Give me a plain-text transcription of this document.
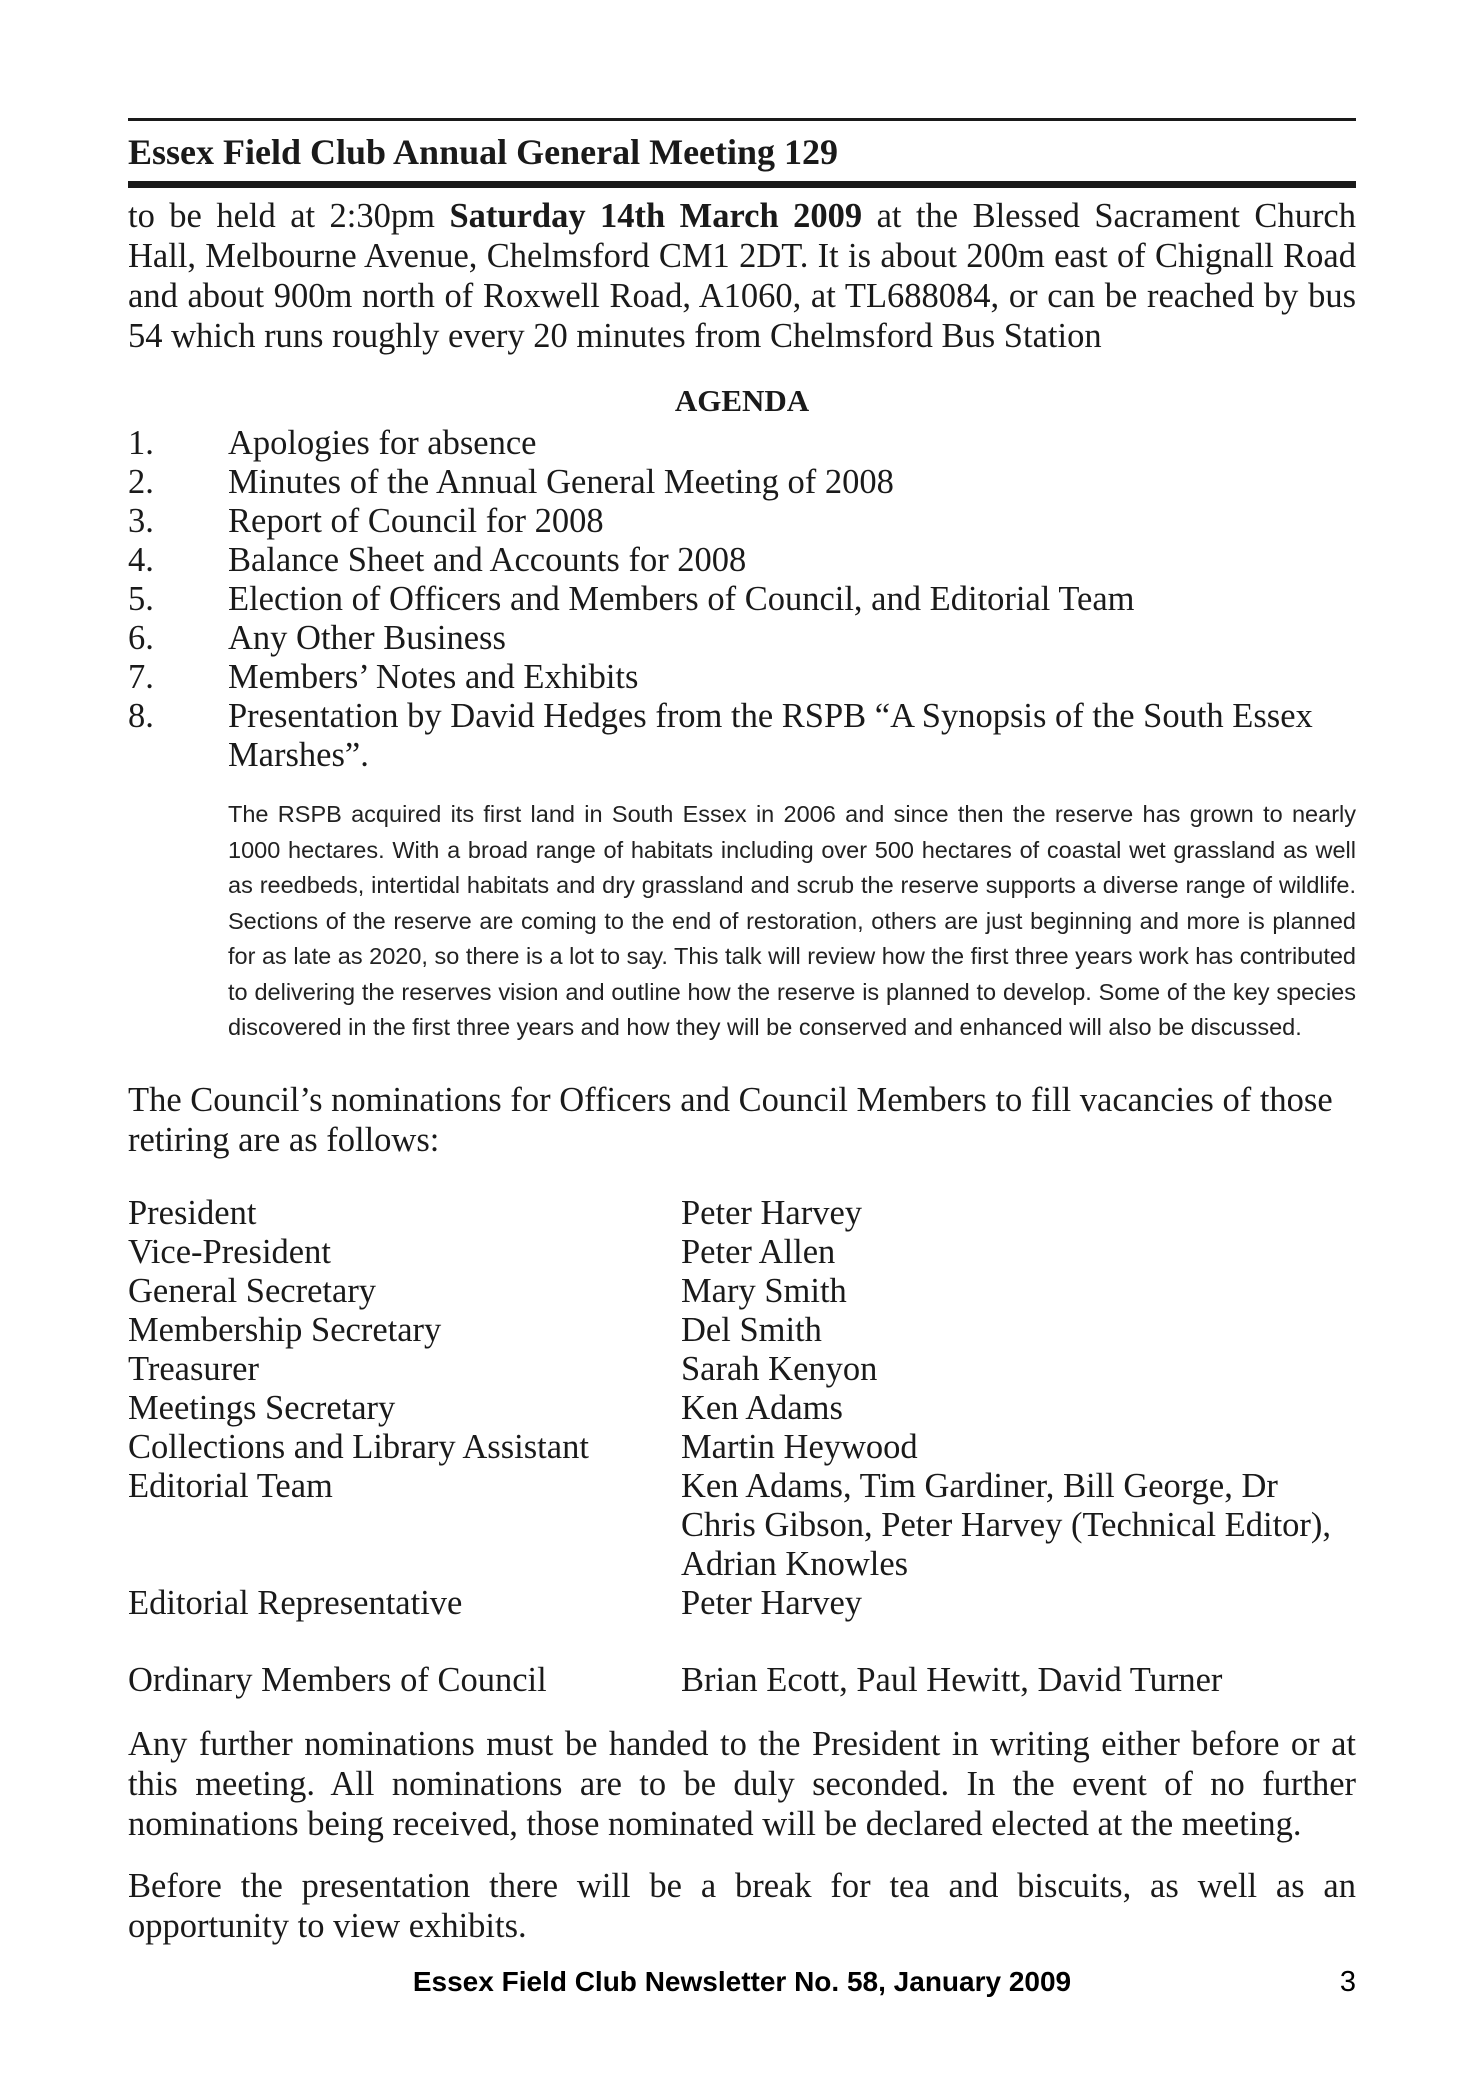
Essex Field Club Annual General Meeting 129

to be held at 2:30pm Saturday 14th March 2009 at the Blessed Sacrament Church Hall, Melbourne Avenue, Chelmsford CM1 2DT. It is about 200m east of Chignall Road and about 900m north of Roxwell Road, A1060, at TL688084, or can be reached by bus 54 which runs roughly every 20 minutes from Chelmsford Bus Station

AGENDA
1.	Apologies for absence
2.	Minutes of the Annual General Meeting of 2008
3.	Report of Council for 2008
4.	Balance Sheet and Accounts for 2008
5.	Election of Officers and Members of Council, and Editorial Team
6.	Any Other Business
7.	Members’ Notes and Exhibits
8.	Presentation by David Hedges from the RSPB “A Synopsis of the South Essex Marshes”.

The RSPB acquired its first land in South Essex in 2006 and since then the reserve has grown to nearly 1000 hectares. With a broad range of habitats including over 500 hectares of coastal wet grassland as well as reedbeds, intertidal habitats and dry grassland and scrub the reserve supports a diverse range of wildlife. Sections of the reserve are coming to the end of restoration, others are just beginning and more is planned for as late as 2020, so there is a lot to say. This talk will review how the first three years work has contributed to delivering the reserves vision and outline how the reserve is planned to develop. Some of the key species discovered in the first three years and how they will be conserved and enhanced will also be discussed.

The Council’s nominations for Officers and Council Members to fill vacancies of those retiring are as follows:

President	Peter Harvey
Vice-President	Peter Allen
General Secretary	Mary Smith
Membership Secretary	Del Smith
Treasurer	Sarah Kenyon
Meetings Secretary	Ken Adams
Collections and Library Assistant	Martin Heywood
Editorial Team	Ken Adams, Tim Gardiner, Bill George, Dr Chris Gibson, Peter Harvey (Technical Editor), Adrian Knowles
Editorial Representative	Peter Harvey
Ordinary Members of Council	Brian Ecott, Paul Hewitt, David Turner

Any further nominations must be handed to the President in writing either before or at this meeting. All nominations are to be duly seconded. In the event of no further nominations being received, those nominated will be declared elected at the meeting.

Before the presentation there will be a break for tea and biscuits, as well as an opportunity to view exhibits.

Essex Field Club Newsletter No. 58, January 2009	3
